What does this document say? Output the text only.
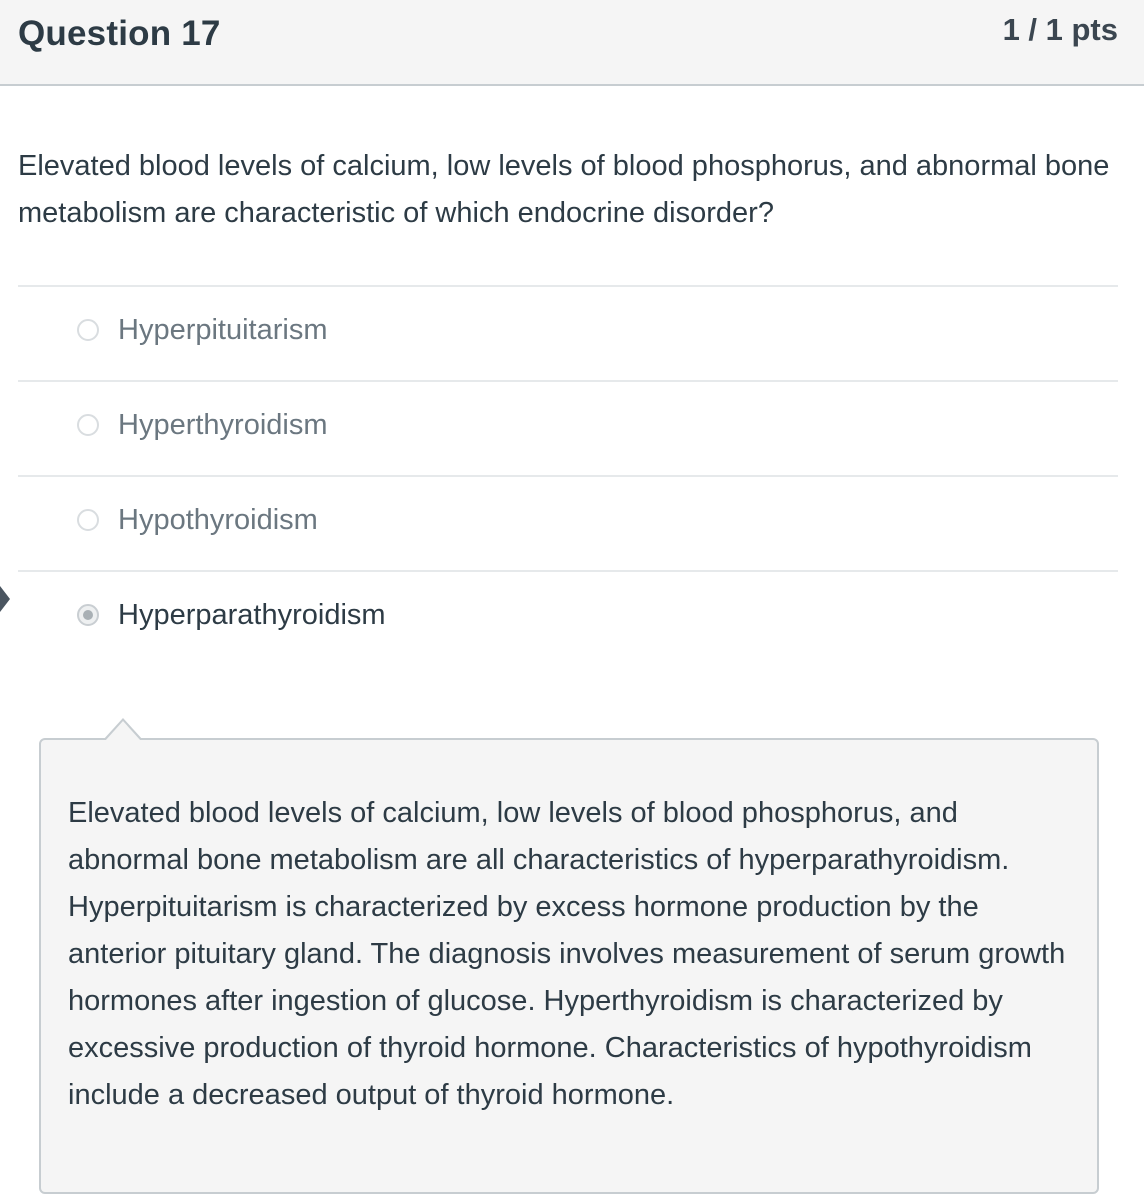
Question 17	1 / 1 pts
Elevated blood levels of calcium, low levels of blood phosphorus, and abnormal bone metabolism are characteristic of which endocrine disorder?
Hyperpituitarism
Hyperthyroidism
Hypothyroidism
Hyperparathyroidism
Elevated blood levels of calcium, low levels of blood phosphorus, and abnormal bone metabolism are all characteristics of hyperparathyroidism. Hyperpituitarism is characterized by excess hormone production by the anterior pituitary gland. The diagnosis involves measurement of serum growth hormones after ingestion of glucose. Hyperthyroidism is characterized by excessive production of thyroid hormone. Characteristics of hypothyroidism include a decreased output of thyroid hormone.
